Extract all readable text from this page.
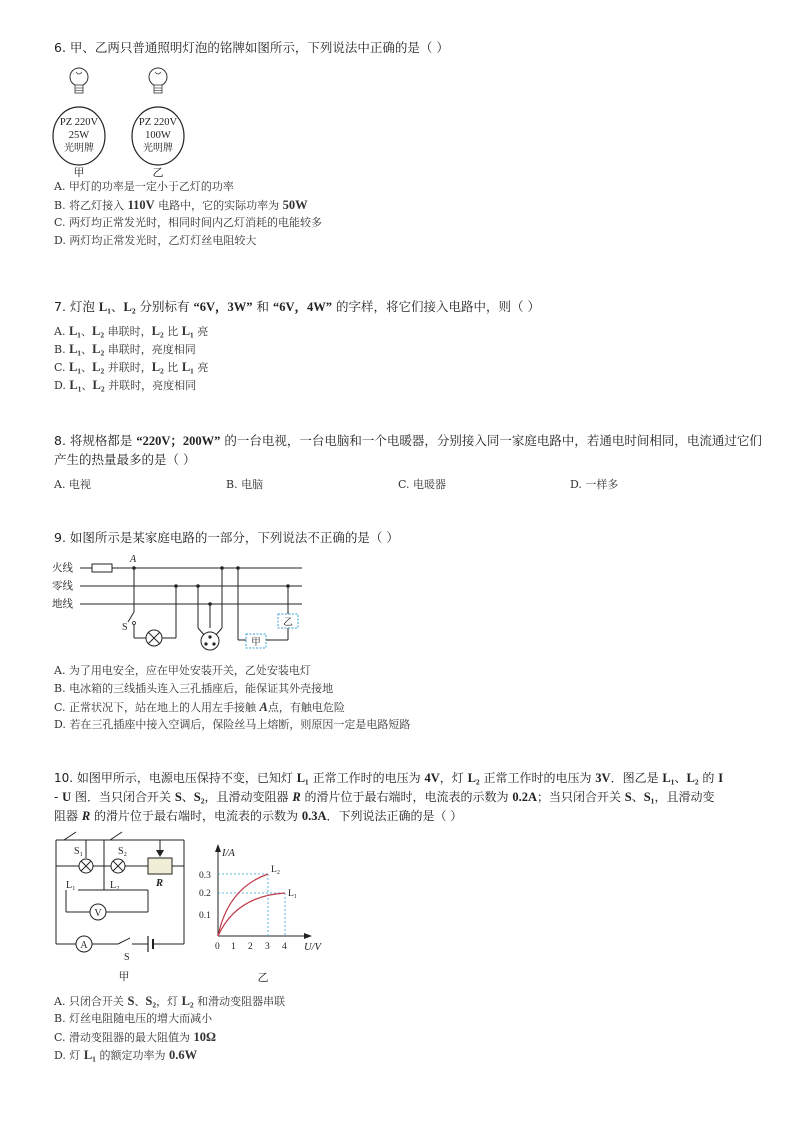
6. 甲、乙两只普通照明灯泡的铭牌如图所示，下列说法中正确的是（ ）
PZ 220V
25W
光明牌
甲
PZ 220V
100W
光明牌
乙
A. 甲灯的功率是一定小于乙灯的功率
B. 将乙灯接入 110V 电路中，它的实际功率为 50W
C. 两灯均正常发光时，相同时间内乙灯消耗的电能较多
D. 两灯均正常发光时，乙灯灯丝电阻较大
7. 灯泡 L₁、L₂ 分别标有 “6V，3W” 和 “6V，4W” 的字样，将它们接入电路中，则（ ）
A. L₁、L₂ 串联时，L₂ 比 L₁ 亮
B. L₁、L₂ 串联时，亮度相同
C. L₁、L₂ 并联时，L₂ 比 L₁ 亮
D. L₁、L₂ 并联时，亮度相同
8. 将规格都是 “220V；200W” 的一台电视，一台电脑和一个电暖器，分别接入同一家庭电路中，若通电时间相同，电流通过它们
产生的热量最多的是（ ）
A. 电视	B. 电脑	C. 电暖器	D. 一样多
9. 如图所示是某家庭电路的一部分，下列说法不正确的是（ ）
火线
零线
地线
A
S
甲
乙
A. 为了用电安全，应在甲处安装开关，乙处安装电灯
B. 电冰箱的三线插头连入三孔插座后，能保证其外壳接地
C. 正常状况下，站在地上的人用左手接触 A点，有触电危险
D. 若在三孔插座中接入空调后，保险丝马上熔断，则原因一定是电路短路
10. 如图甲所示，电源电压保持不变，已知灯 L₁ 正常工作时的电压为 4V，灯 L₂ 正常工作时的电压为 3V．图乙是 L₁、L₂ 的 I
- U 图．当只闭合开关 S、S₂，且滑动变阻器 R 的滑片位于最右端时，电流表的示数为 0.2A；当只闭合开关 S、S₁，且滑动变
阻器 R 的滑片位于最右端时，电流表的示数为 0.3A．下列说法正确的是（ ）
S₁	S₂
L₁	L₂	R
V
A
S
甲
I/A
U/V
0.3
0.2
0.1
0 1 2 3 4
L₂
L₁
乙
A. 只闭合开关 S、S₂，灯 L₂ 和滑动变阻器串联
B. 灯丝电阻随电压的增大而减小
C. 滑动变阻器的最大阻值为 10Ω
D. 灯 L₁ 的额定功率为 0.6W
